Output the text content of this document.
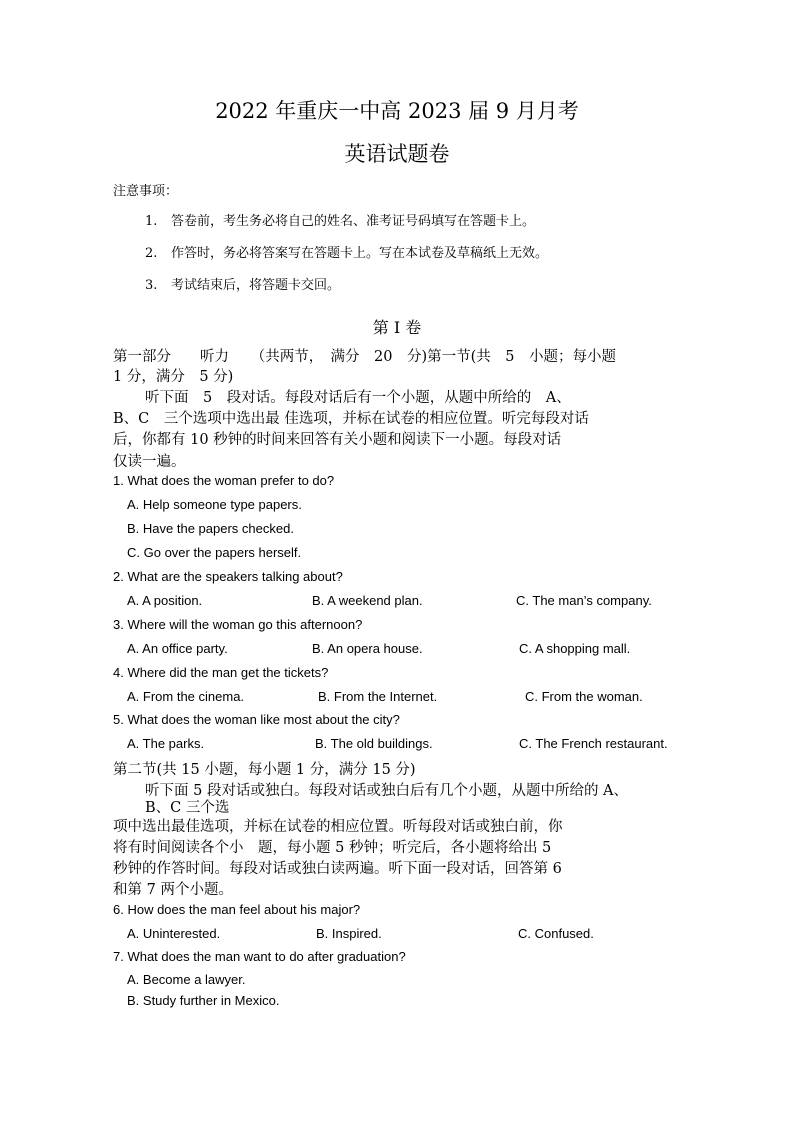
2022 年重庆一中高 2023 届 9 月月考
英语试题卷
注意事项：
1. 答卷前，考生务必将自己的姓名、准考证号码填写在答题卡上。
2. 作答时，务必将答案写在答题卡上。写在本试卷及草稿纸上无效。
3. 考试结束后，将答题卡交回。
第 I 卷
第一部分　　听力　　（共两节，　满分　20　分)第一节(共　5　小题；每小题
1 分，满分　5 分)
听下面　5　段对话。每段对话后有一个小题，从题中所给的　A、
B、C　三个选项中选出最 佳选项，并标在试卷的相应位置。听完每段对话
后，你都有 10 秒钟的时间来回答有关小题和阅读下一小题。每段对话
仅读一遍。
1. What does the woman prefer to do?
A. Help someone type papers.
B. Have the papers checked.
C. Go over the papers herself.
2. What are the speakers talking about?
A. A position.	B. A weekend plan.	C. The man’s company.
3. Where will the woman go this afternoon?
A. An office party.	B. An opera house.	C. A shopping mall.
4. Where did the man get the tickets?
A. From the cinema.	B. From the Internet.	C. From the woman.
5. What does the woman like most about the city?
A. The parks.	B. The old buildings.	C. The French restaurant.
第二节(共 15 小题，每小题 1 分，满分 15 分)
听下面 5 段对话或独白。每段对话或独白后有几个小题，从题中所给的 A、
B、C 三个选
项中选出最佳选项，并标在试卷的相应位置。听每段对话或独白前，你
将有时间阅读各个小　题，每小题 5 秒钟；听完后，各小题将给出 5
秒钟的作答时间。每段对话或独白读两遍。听下面一段对话，回答第 6
和第 7 两个小题。
6. How does the man feel about his major?
A. Uninterested.	B. Inspired.	C. Confused.
7. What does the man want to do after graduation?
A. Become a lawyer.
B. Study further in Mexico.
